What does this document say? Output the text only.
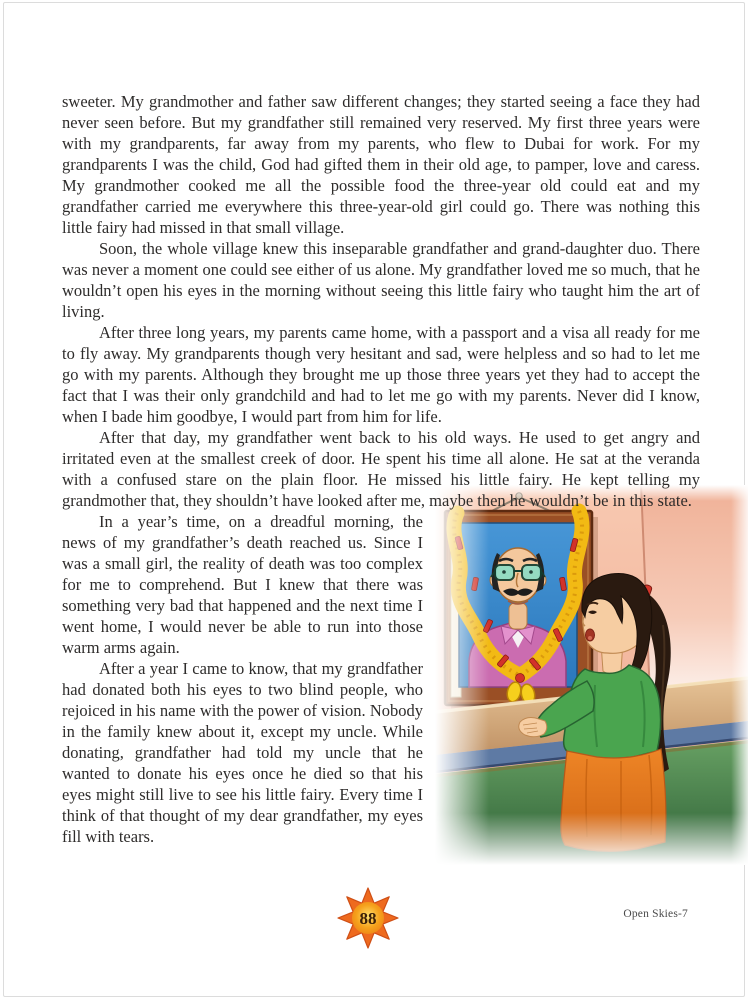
sweeter. My grandmother and father saw different changes; they started seeing a face they had never seen before. But my grandfather still remained very reserved. My first three years were with my grandparents, far away from my parents, who flew to Dubai for work. For my grandparents I was the child, God had gifted them in their old age, to pamper, love and caress. My grandmother cooked me all the possible food the three-year old could eat and my grandfather carried me everywhere this three-year-old girl could go. There was nothing this little fairy had missed in that small village.

Soon, the whole village knew this inseparable grandfather and grand-daughter duo. There was never a moment one could see either of us alone. My grandfather loved me so much, that he wouldn’t open his eyes in the morning without seeing this little fairy who taught him the art of living.

After three long years, my parents came home, with a passport and a visa all ready for me to fly away. My grandparents though very hesitant and sad, were helpless and so had to let me go with my parents. Although they brought me up those three years yet they had to accept the fact that I was their only grandchild and had to let me go with my parents. Never did I know, when I bade him goodbye, I would part from him for life.

After that day, my grandfather went back to his old ways. He used to get angry and irritated even at the smallest creek of door. He spent his time all alone. He sat at the veranda with a confused stare on the plain floor. He missed his little fairy. He kept telling my grandmother that, they shouldn’t have looked after me, maybe then he wouldn’t be in this state.

In a year’s time, on a dreadful morning, the news of my grandfather’s death reached us. Since I was a small girl, the reality of death was too complex for me to comprehend. But I knew that there was something very bad that happened and the next time I went home, I would never be able to run into those warm arms again.

After a year I came to know, that my grandfather had donated both his eyes to two blind people, who rejoiced in his name with the power of vision. Nobody in the family knew about it, except my uncle. While donating, grandfather had told my uncle that he wanted to donate his eyes once he died so that his eyes might still live to see his little fairy. Every time I think of that thought of my dear grandfather, my eyes fill with tears.

88	Open Skies-7
